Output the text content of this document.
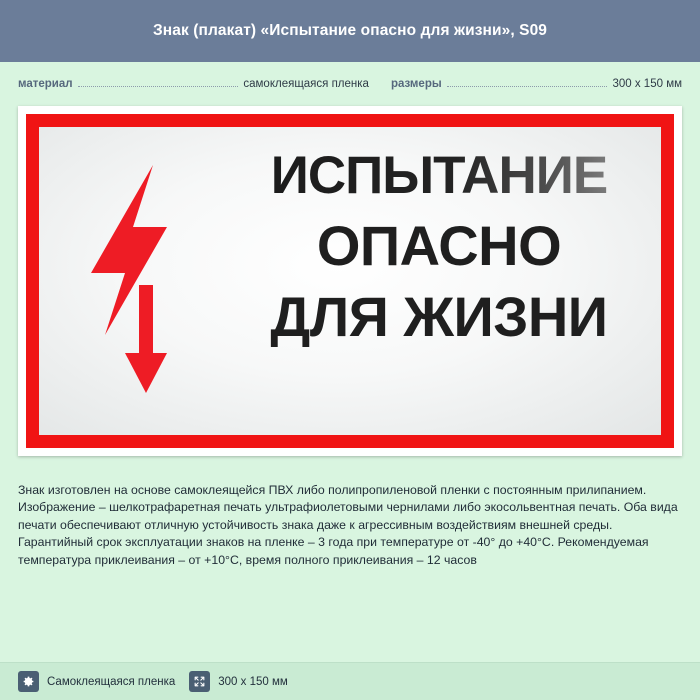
Знак (плакат) «Испытание опасно для жизни», S09
материал	самоклеящаяся пленка размеры	300 x 150 мм
ИСПЫТАНИЕ
ОПАСНО
ДЛЯ ЖИЗНИ
Знак изготовлен на основе самоклеящейся ПВХ либо полипропиленовой пленки с постоянным прилипанием. Изображение – шелкотрафаретная печать ультрафиолетовыми чернилами либо экосольвентная печать. Оба вида печати обеспечивают отличную устойчивость знака даже к агрессивным воздействиям внешней среды. Гарантийный срок эксплуатации знаков на пленке – 3 года при температуре от -40° до +40°С. Рекомендуемая температура приклеивания – от +10°С, время полного приклеивания – 12 часов
Самоклеящаяся пленка	300 x 150 мм
